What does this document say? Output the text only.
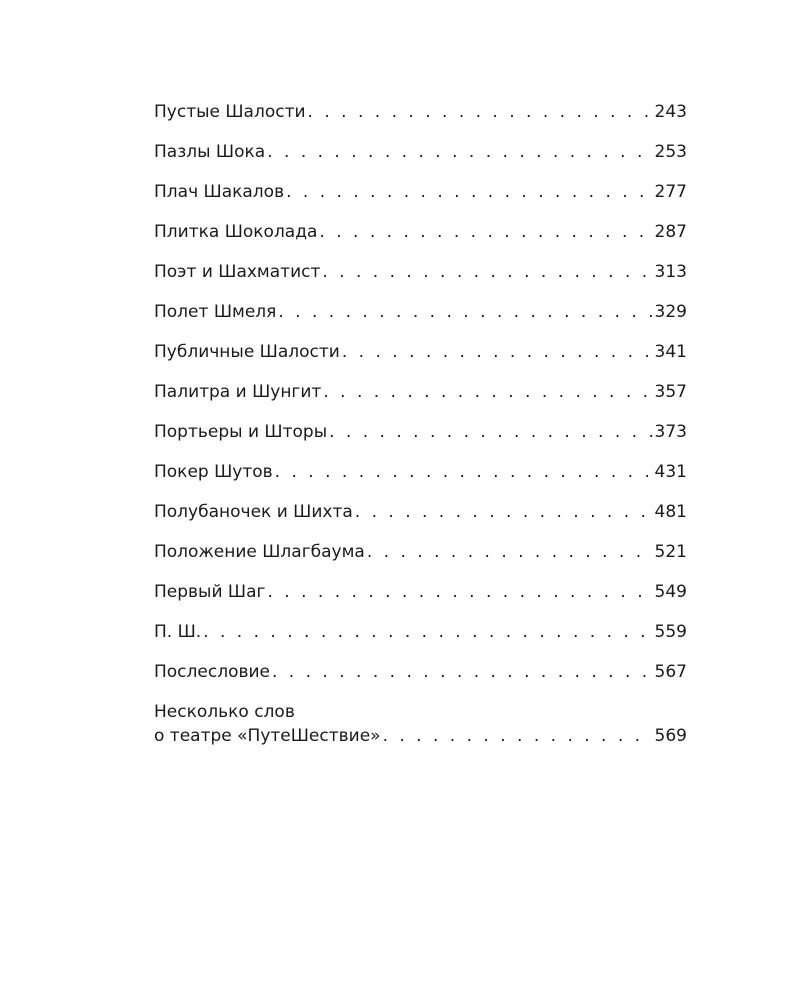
Пустые Шалости . . .	243
Пазлы Шока . . .	253
Плач Шакалов . . .	277
Плитка Шоколада . . .	287
Поэт и Шахматист . . .	313
Полет Шмеля . . .	329
Публичные Шалости . . .	341
Палитра и Шунгит . . .	357
Портьеры и Шторы . . .	373
Покер Шутов . . .	431
Полубаночек и Шихта . . .	481
Положение Шлагбаума . . .	521
Первый Шаг . . .	549
П. Ш. . . .	559
Послесловие . . .	567
Несколько слов
о театре «ПутеШествие» . . .	569
